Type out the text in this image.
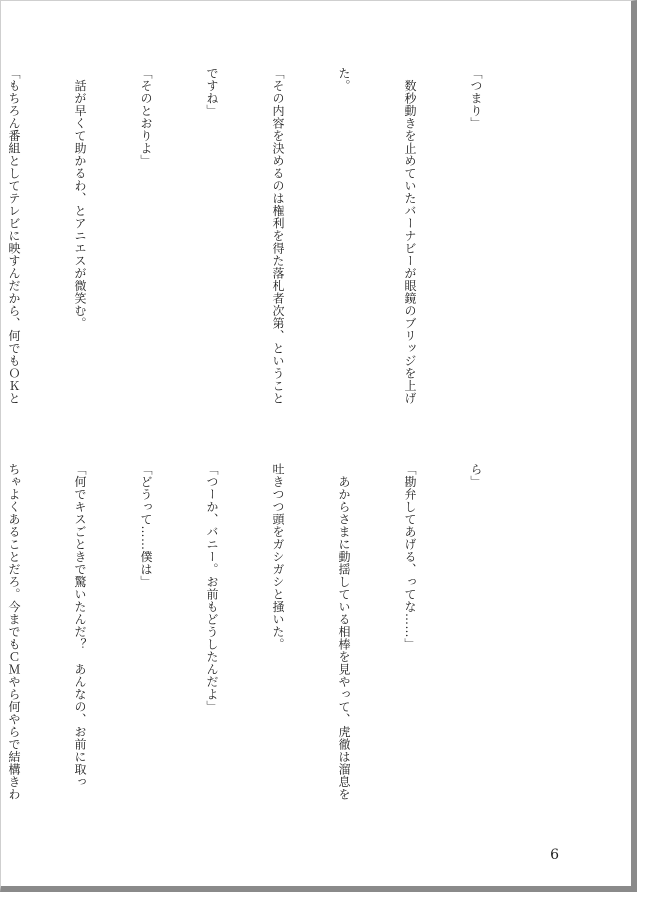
「つまり」

　数秒動きを止めていたバーナビーが眼鏡のブリッジを上げ

た。

「その内容を決めるのは権利を得た落札者次第、ということ

ですね」

「そのとおりよ」

　話が早くて助かるわ、とアニエスが微笑む。

「もちろん番組としてテレビに映すんだから、何でもＯＫと

ら」

「勘弁してあげる、ってな……」

　あからさまに動揺している相棒を見やって、虎徹は溜息を

吐きつつ頭をガシガシと掻いた。

「つーか、バニー。お前もどうしたんだよ」

「どうって……僕は」

「何でキスごときで驚いたんだ？　あんなの、お前に取っ

ちゃよくあることだろ。今までもＣＭやら何やらで結構きわ

6
